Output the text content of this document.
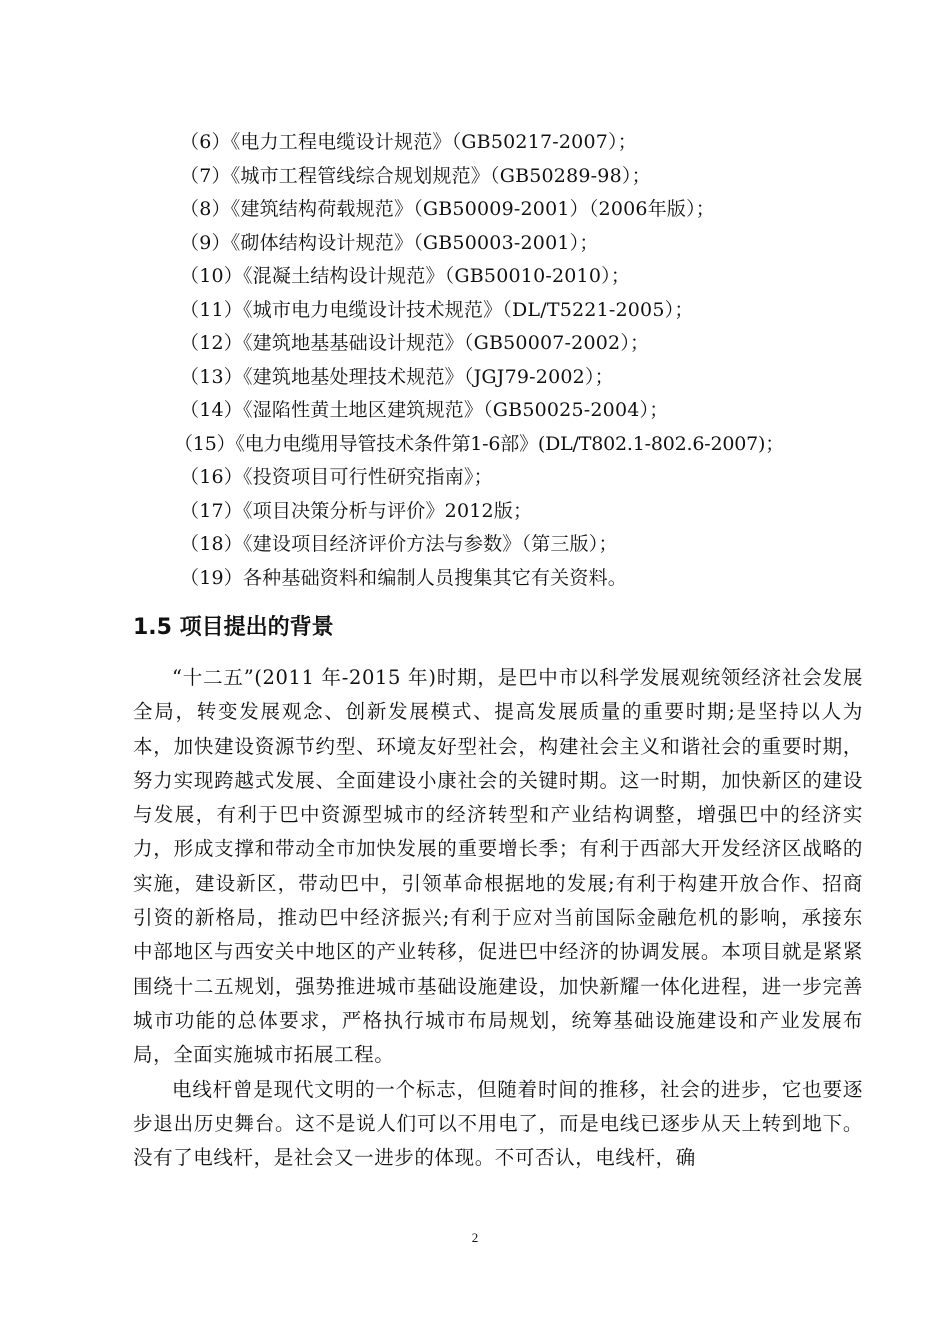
（6）《电力工程电缆设计规范》（GB50217-2007）；
（7）《城市工程管线综合规划规范》（GB50289-98）；
（8）《建筑结构荷载规范》（GB50009-2001）（2006年版）；
（9）《砌体结构设计规范》（GB50003-2001）；
（10）《混凝土结构设计规范》（GB50010-2010）；
（11）《城市电力电缆设计技术规范》（DL/T5221-2005）；
（12）《建筑地基基础设计规范》（GB50007-2002）；
（13）《建筑地基处理技术规范》（JGJ79-2002）；
（14）《湿陷性黄土地区建筑规范》（GB50025-2004）；
（15）《电力电缆用导管技术条件第1-6部》(DL/T802.1-802.6-2007)；
（16）《投资项目可行性研究指南》；
（17）《项目决策分析与评价》2012版；
（18）《建设项目经济评价方法与参数》（第三版）；
（19）各种基础资料和编制人员搜集其它有关资料。
1.5 项目提出的背景

“十二五”(2011 年-2015 年)时期，是巴中市以科学发展观统领经济社会发展全局，转变发展观念、创新发展模式、提高发展质量的重要时期;是坚持以人为本，加快建设资源节约型、环境友好型社会，构建社会主义和谐社会的重要时期，努力实现跨越式发展、全面建设小康社会的关键时期。这一时期，加快新区的建设与发展，有利于巴中资源型城市的经济转型和产业结构调整，增强巴中的经济实力，形成支撑和带动全市加快发展的重要增长季；有利于西部大开发经济区战略的实施，建设新区，带动巴中，引领革命根据地的发展;有利于构建开放合作、招商引资的新格局，推动巴中经济振兴;有利于应对当前国际金融危机的影响，承接东中部地区与西安关中地区的产业转移，促进巴中经济的协调发展。本项目就是紧紧围绕十二五规划，强势推进城市基础设施建设，加快新耀一体化进程，进一步完善城市功能的总体要求，严格执行城市布局规划，统筹基础设施建设和产业发展布局，全面实施城市拓展工程。

电线杆曾是现代文明的一个标志，但随着时间的推移，社会的进步，它也要逐步退出历史舞台。这不是说人们可以不用电了，而是电线已逐步从天上转到地下。没有了电线杆，是社会又一进步的体现。不可否认，电线杆，确

2
